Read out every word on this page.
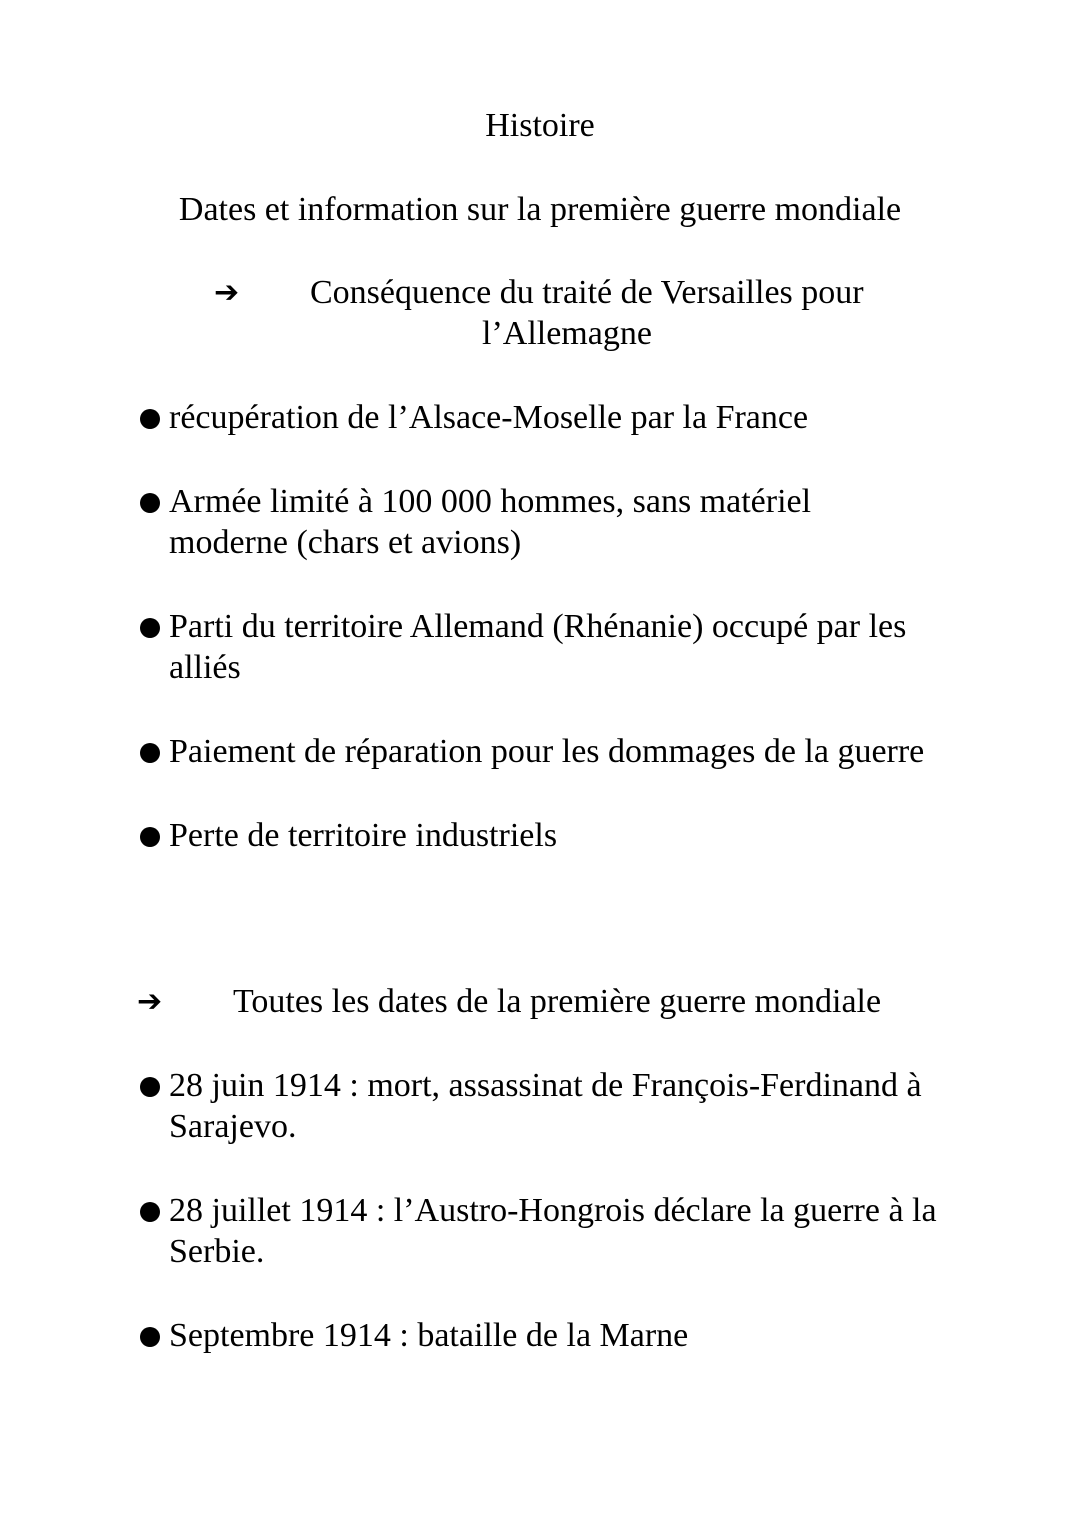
Histoire
Dates et information sur la première guerre mondiale
➔ Conséquence du traité de Versailles pour
l’Allemagne
récupération de l’Alsace-Moselle par la France
Armée limité à 100 000 hommes, sans matériel moderne (chars et avions)
Parti du territoire Allemand (Rhénanie) occupé par les alliés
Paiement de réparation pour les dommages de la guerre
Perte de territoire industriels
➔ Toutes les dates de la première guerre mondiale
28 juin 1914 : mort, assassinat de François-Ferdinand à Sarajevo.
28 juillet 1914 : l’Austro-Hongrois déclare la guerre à la Serbie.
Septembre 1914 : bataille de la Marne
